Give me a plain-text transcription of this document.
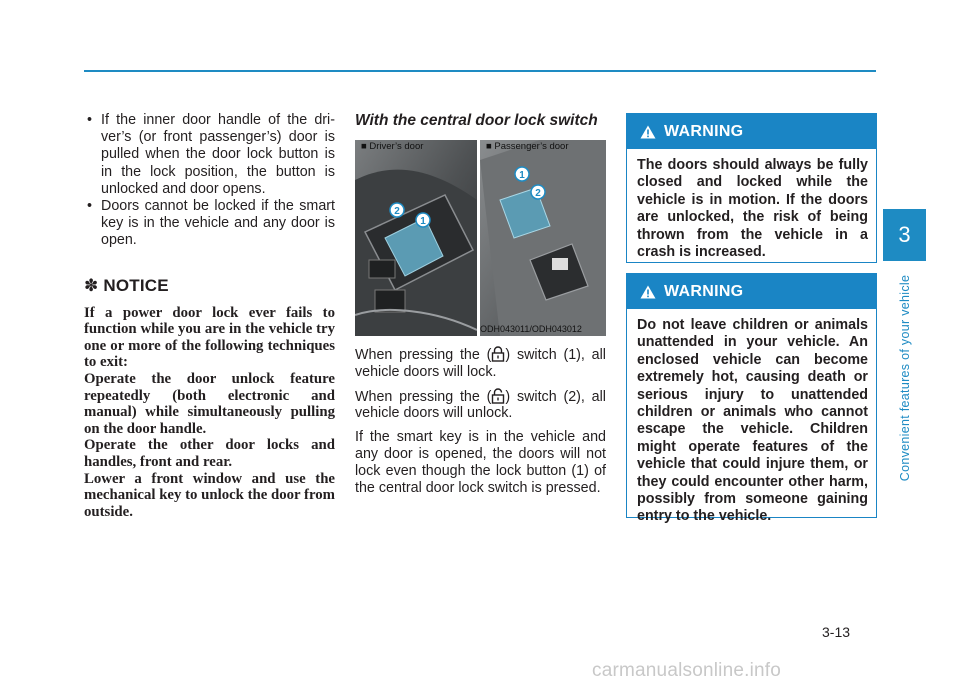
• If the inner door handle of the dri-ver’s (or front passenger’s) door is pulled when the door lock button is in the lock position, the button is unlocked and door opens.
• Doors cannot be locked if the smart key is in the vehicle and any door is open.
✽ NOTICE

If a power door lock ever fails to function while you are in the vehicle try one or more of the following techniques to exit:

Operate the door unlock feature repeatedly (both electronic and manual) while simultaneously pulling on the door handle.

Operate the other door locks and handles, front and rear.

Lower a front window and use the mechanical key to unlock the door from outside.

With the central door lock switch
■ Driver’s door
2
1
■ Passenger’s door
1
2
ODH043011/ODH043012

When pressing the ( ) switch (1), all vehicle doors will lock.

When pressing the ( ) switch (2), all vehicle doors will unlock.

If the smart key is in the vehicle and any door is opened, the doors will not lock even though the lock button (1) of the central door lock switch is pressed.

WARNING
The doors should always be fully closed and locked while the vehicle is in motion. If the doors are unlocked, the risk of being thrown from the vehicle in a crash is increased.
WARNING
Do not leave children or animals unattended in your vehicle. An enclosed vehicle can become extremely hot, causing death or serious injury to unattended children or animals who cannot escape the vehicle. Children might operate features of the vehicle that could injure them, or they could encounter other harm, possibly from someone gaining entry to the vehicle.
3
Convenient features of your vehicle
3-13
carmanualsonline.info
